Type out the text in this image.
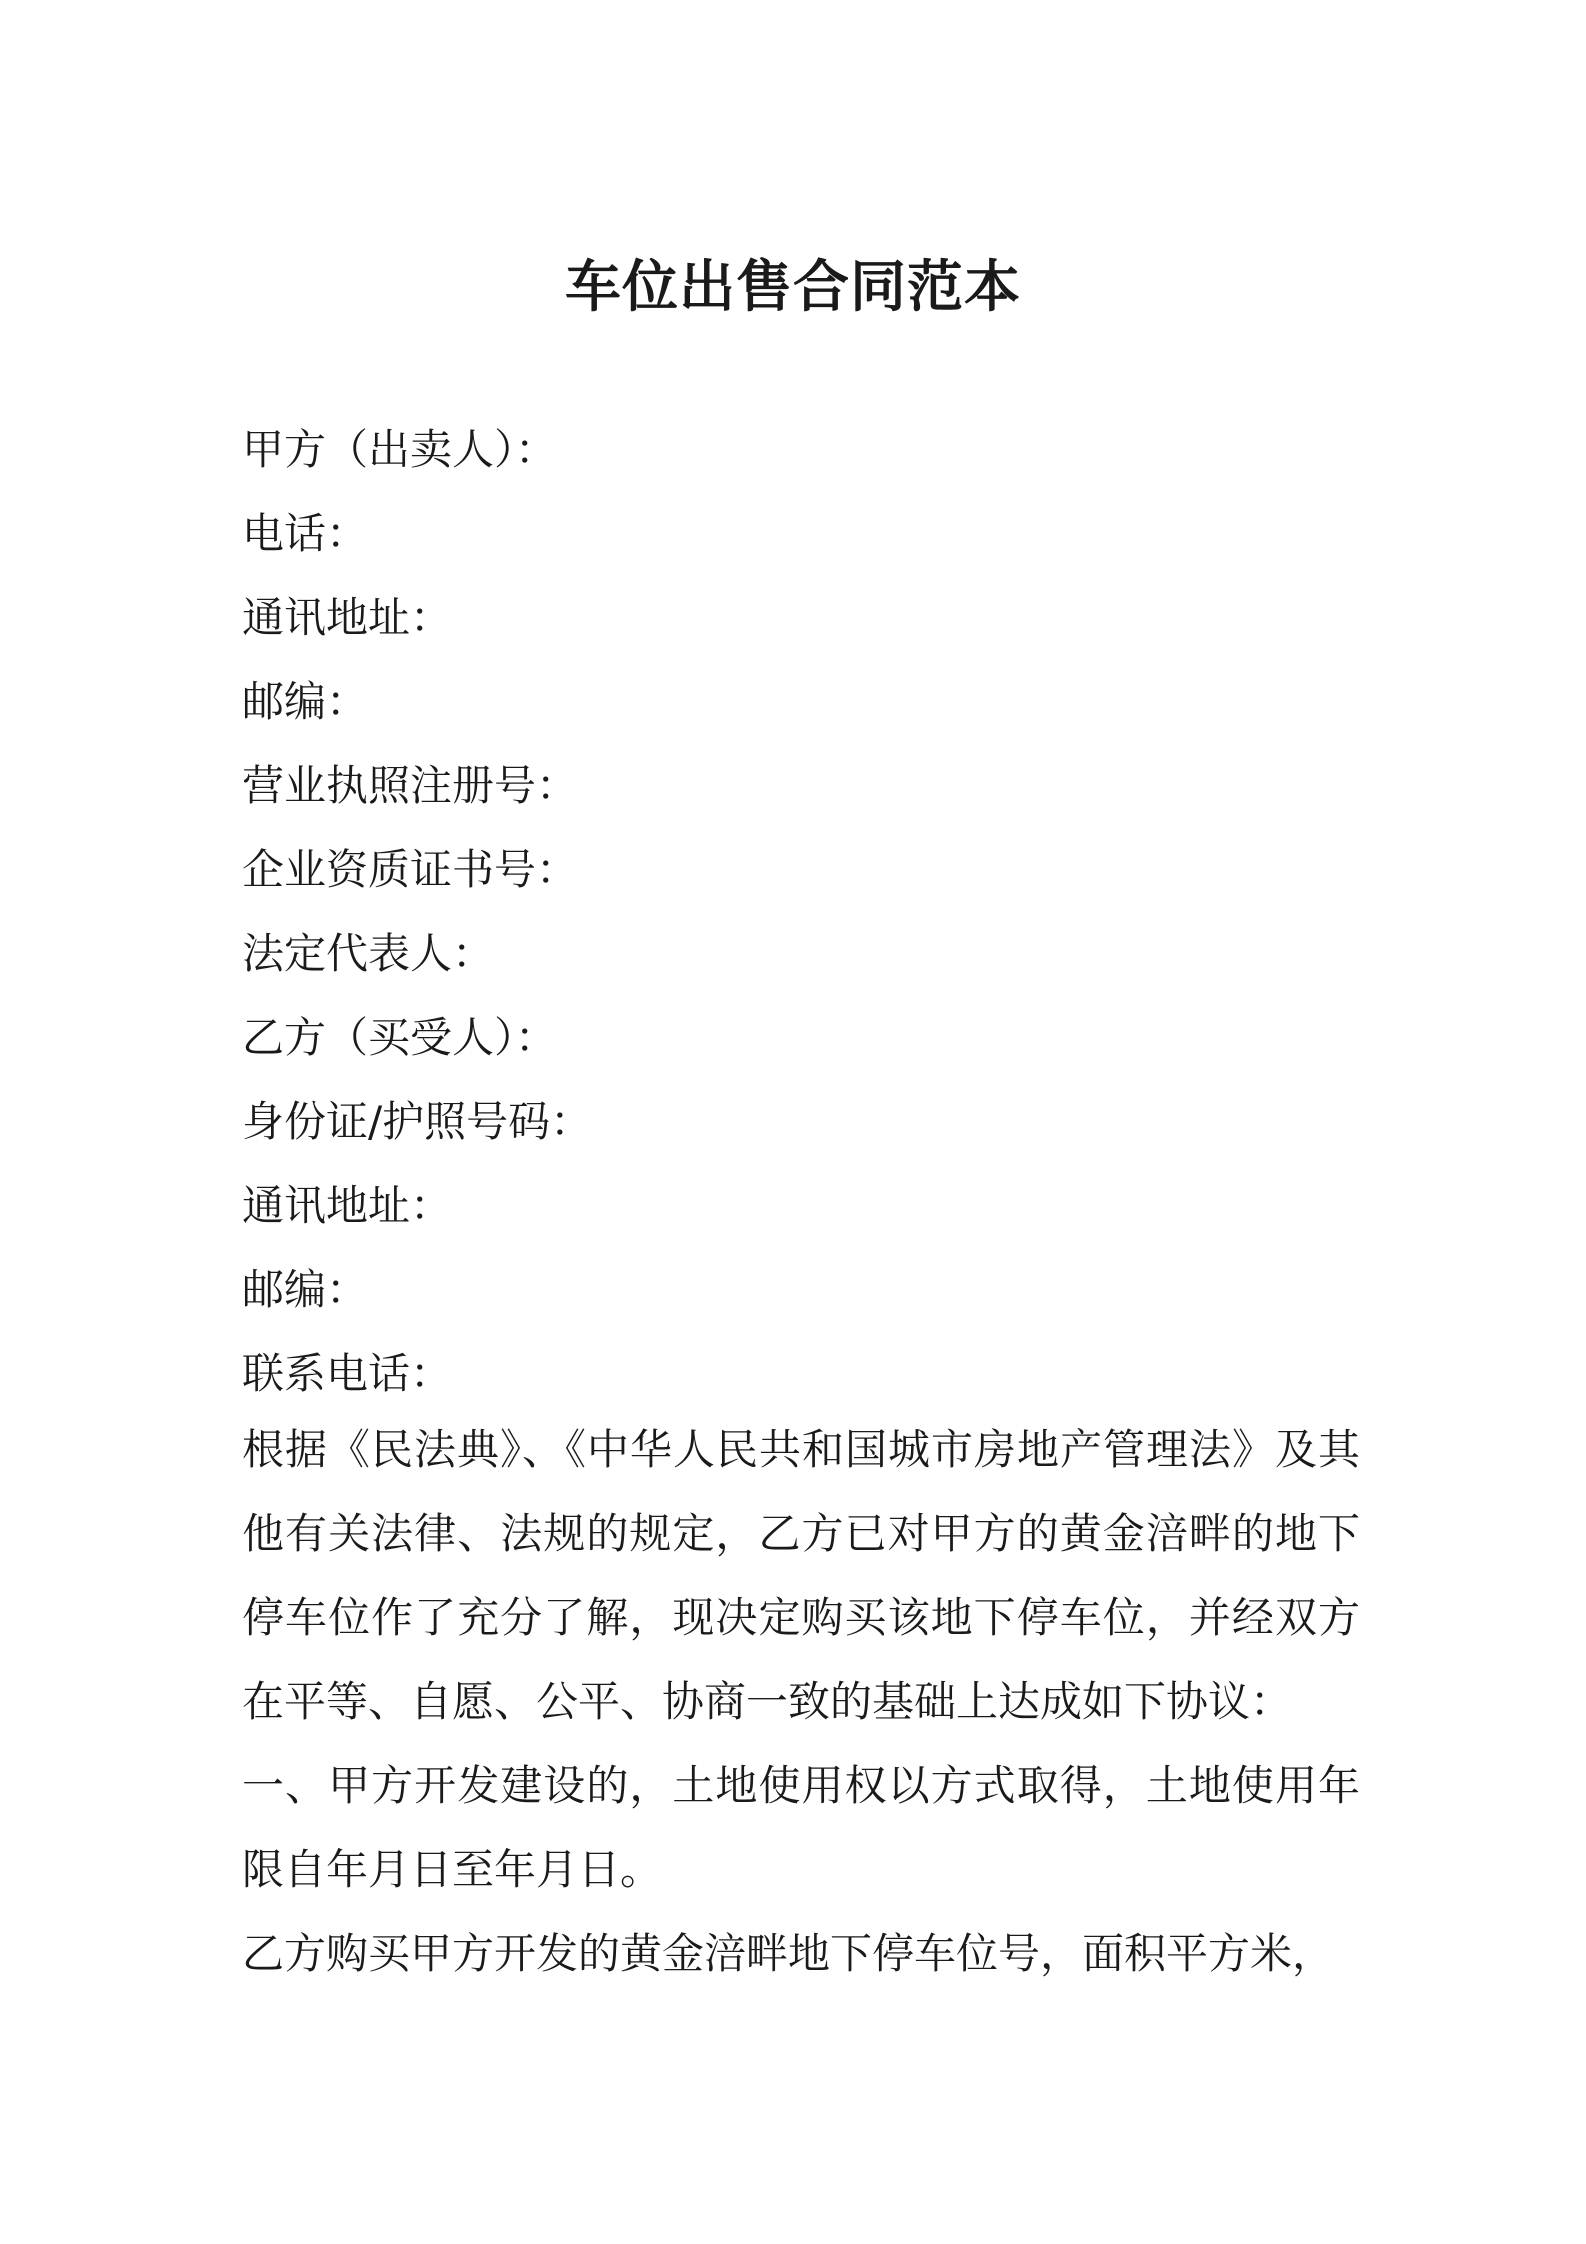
车位出售合同范本
甲方（出卖人）：
电话：
通讯地址：
邮编：
营业执照注册号：
企业资质证书号：
法定代表人：
乙方（买受人）：
身份证/护照号码：
通讯地址：
邮编：
联系电话：

根据《民法典》、《中华人民共和国城市房地产管理法》及其他有关法律、法规的规定，乙方已对甲方的黄金涪畔的地下停车位作了充分了解，现决定购买该地下停车位，并经双方在平等、自愿、公平、协商一致的基础上达成如下协议：

一、甲方开发建设的，土地使用权以方式取得，土地使用年限自年月日至年月日。

乙方购买甲方开发的黄金涪畔地下停车位号，面积平方米，
